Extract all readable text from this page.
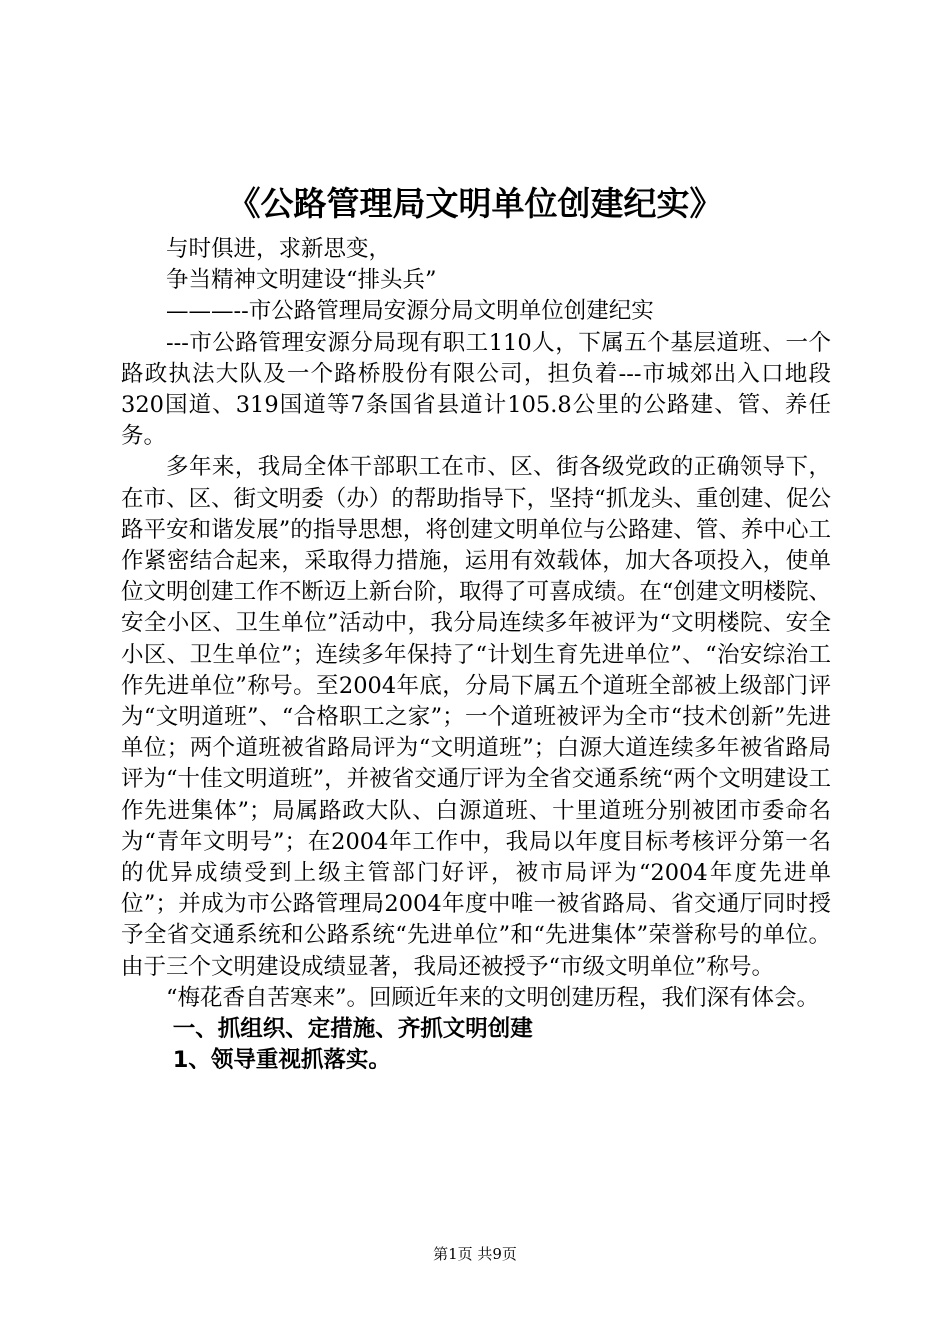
《公路管理局文明单位创建纪实》

与时俱进，求新思变，

争当精神文明建设“排头兵”

———--市公路管理局安源分局文明单位创建纪实

---市公路管理安源分局现有职工110人，下属五个基层道班、一个路政执法大队及一个路桥股份有限公司，担负着---市城郊出入口地段320国道、319国道等7条国省县道计105.8公里的公路建、管、养任务。

多年来，我局全体干部职工在市、区、街各级党政的正确领导下，在市、区、街文明委（办）的帮助指导下，坚持“抓龙头、重创建、促公路平安和谐发展”的指导思想，将创建文明单位与公路建、管、养中心工作紧密结合起来，采取得力措施，运用有效载体，加大各项投入，使单位文明创建工作不断迈上新台阶，取得了可喜成绩。在“创建文明楼院、安全小区、卫生单位”活动中，我分局连续多年被评为“文明楼院、安全小区、卫生单位”；连续多年保持了“计划生育先进单位”、“治安综治工作先进单位”称号。至2004年底，分局下属五个道班全部被上级部门评为“文明道班”、“合格职工之家”；一个道班被评为全市“技术创新”先进单位；两个道班被省路局评为“文明道班”；白源大道连续多年被省路局评为“十佳文明道班”，并被省交通厅评为全省交通系统“两个文明建设工作先进集体”；局属路政大队、白源道班、十里道班分别被团市委命名为“青年文明号”；在2004年工作中，我局以年度目标考核评分第一名的优异成绩受到上级主管部门好评，被市局评为“2004年度先进单位”；并成为市公路管理局2004年度中唯一被省路局、省交通厅同时授予全省交通系统和公路系统“先进单位”和“先进集体”荣誉称号的单位。由于三个文明建设成绩显著，我局还被授予“市级文明单位”称号。

“梅花香自苦寒来”。回顾近年来的文明创建历程，我们深有体会。

一、抓组织、定措施、齐抓文明创建

1、领导重视抓落实。

第1页 共9页
